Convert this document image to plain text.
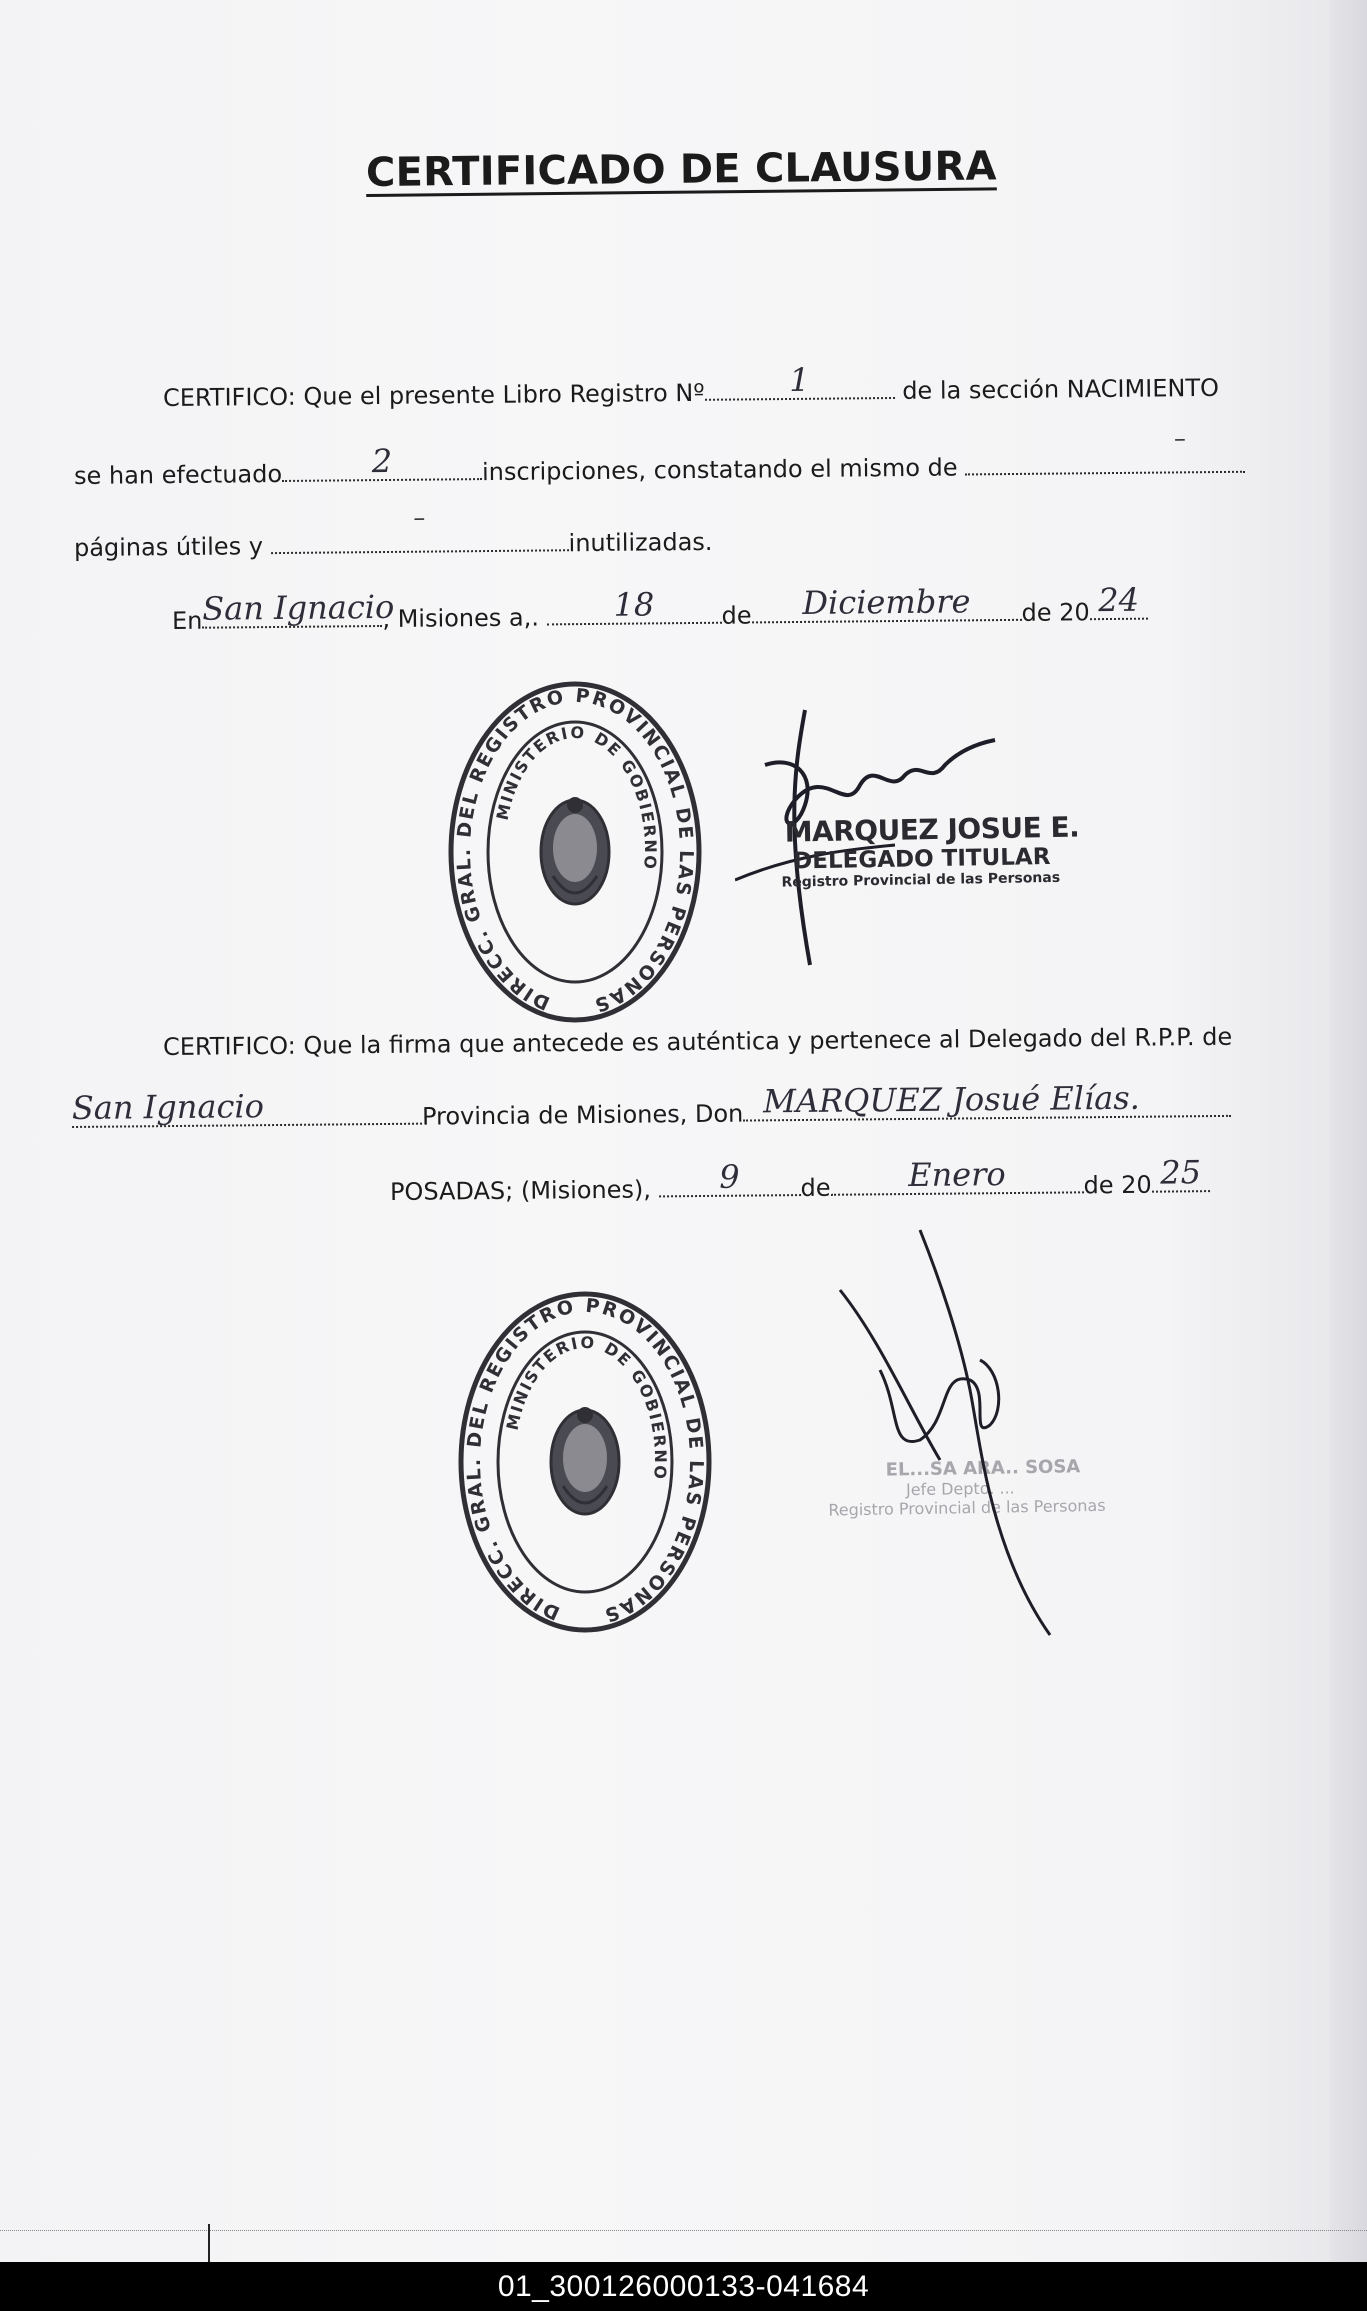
CERTIFICADO DE CLAUSURA
CERTIFICO: Que el presente Libro Registro Nº	1	de la sección NACIMIENTO
se han efectuado	2	inscripciones, constatando el mismo de
–
páginas útiles y
–
inutilizadas.
En San Ignacio
, Misiones a,.	18	de	Diciembre	de 20 24
DIRECC. GRAL. DEL REGISTRO PROVINCIAL DE LAS PERSONAS
MINISTERIO DE GOBIERNO
MARQUEZ JOSUE E.
DELEGADO TITULAR
Registro Provincial de las Personas
CERTIFICO: Que la firma que antecede es auténtica y pertenece al Delegado del R.P.P. de
San Ignacio	Provincia de Misiones, Don MARQUEZ Josué Elías.
POSADAS; (Misiones),	9	de	Enero	de 20 25
DIRECC. GRAL. DEL REGISTRO PROVINCIAL DE LAS PERSONAS
MINISTERIO DE GOBIERNO	EL...SA ARA.. SOSA
Jefe Depto. ...
Registro Provincial de las Personas
01_300126000133-041684
